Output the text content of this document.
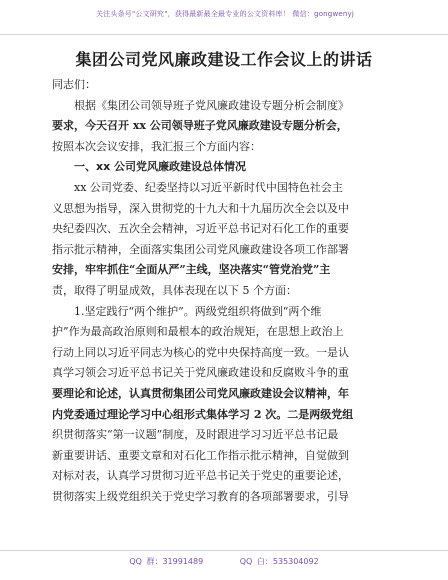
关注头条号"公文研究"，获得最新最全最专业的公文资料库！ 微信：gongwenyj
集团公司党风廉政建设工作会议上的讲话
同志们：
根据《集团公司领导班子党风廉政建设专题分析会制度》
要求，今天召开 xx 公司领导班子党风廉政建设专题分析会，
按照本次会议安排，我汇报三个方面内容：
一、xx 公司党风廉政建设总体情况
xx 公司党委、纪委坚持以习近平新时代中国特色社会主
义思想为指导，深入贯彻党的十九大和十九届历次全会以及中
央纪委四次、五次全会精神，习近平总书记对石化工作的重要
指示批示精神，全面落实集团公司党风廉政建设各项工作部署
安排，牢牢抓住“全面从严”主线，坚决落实“管党治党”主
责，取得了明显成效，具体表现在以下 5 个方面：
1.坚定践行“两个维护”。两级党组织将做到“两个维
护”作为最高政治原则和最根本的政治规矩，在思想上政治上
行动上同以习近平同志为核心的党中央保持高度一致。一是认
真学习领会习近平总书记关于党风廉政建设和反腐败斗争的重
要理论和论述，认真贯彻集团公司党风廉政建设会议精神，年
内党委通过理论学习中心组形式集体学习 2 次。二是两级党组
织贯彻落实“第一议题”制度，及时跟进学习习近平总书记最
新重要讲话、重要文章和对石化工作指示批示精神，自觉做到
对标对表，认真学习贯彻习近平总书记关于党史的重要论述，
贯彻落实上级党组织关于党史学习教育的各项部署要求，引导
QQ 群：31991489	QQ 白：535304092
